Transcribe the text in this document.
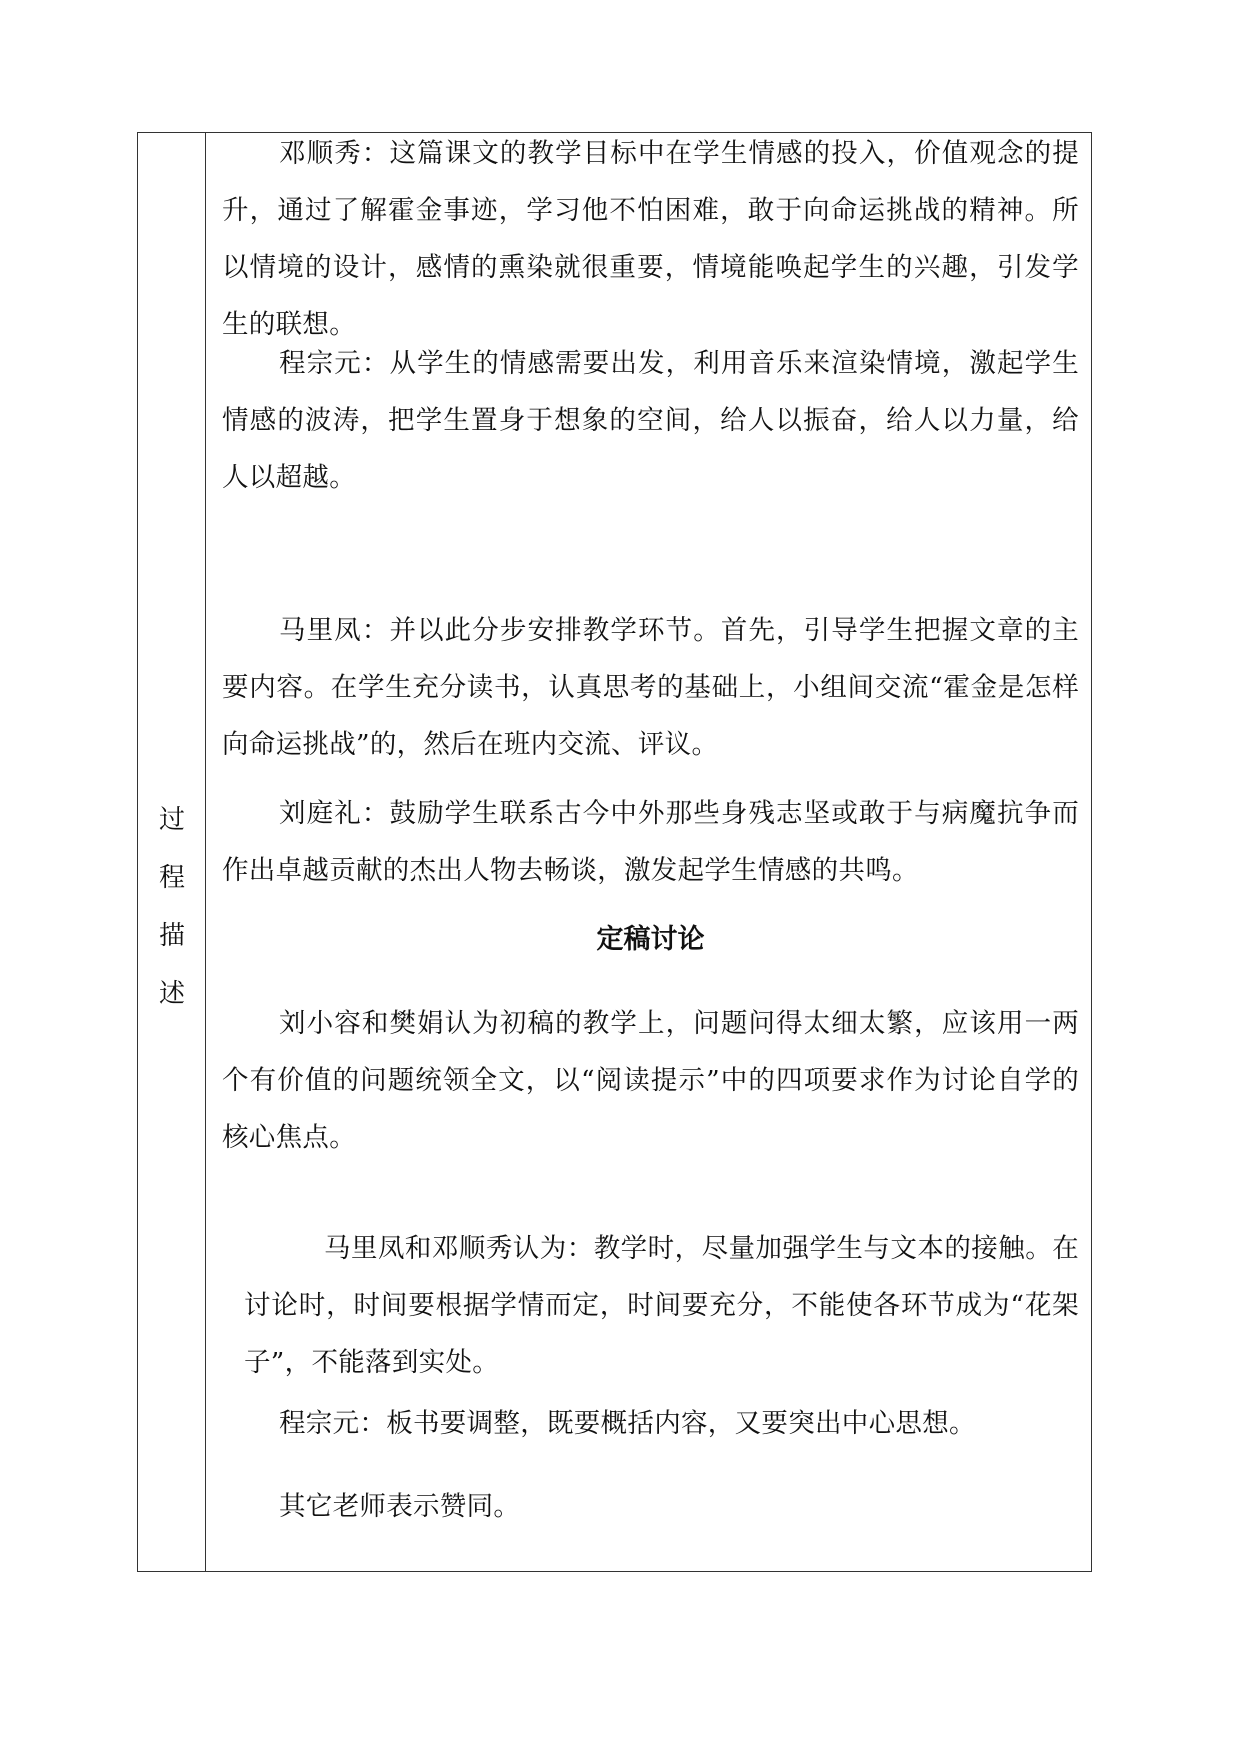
过
程
描
述

邓顺秀：这篇课文的教学目标中在学生情感的投入，价值观念的提升，通过了解霍金事迹，学习他不怕困难，敢于向命运挑战的精神。所以情境的设计，感情的熏染就很重要，情境能唤起学生的兴趣，引发学生的联想。

程宗元：从学生的情感需要出发，利用音乐来渲染情境，激起学生情感的波涛，把学生置身于想象的空间，给人以振奋，给人以力量，给人以超越。

马里凤：并以此分步安排教学环节。首先，引导学生把握文章的主要内容。在学生充分读书，认真思考的基础上，小组间交流“霍金是怎样向命运挑战”的，然后在班内交流、评议。

刘庭礼：鼓励学生联系古今中外那些身残志坚或敢于与病魔抗争而作出卓越贡献的杰出人物去畅谈，激发起学生情感的共鸣。

定稿讨论

刘小容和樊娟认为初稿的教学上，问题问得太细太繁，应该用一两个有价值的问题统领全文，以“阅读提示”中的四项要求作为讨论自学的核心焦点。

马里凤和邓顺秀认为：教学时，尽量加强学生与文本的接触。在讨论时，时间要根据学情而定，时间要充分，不能使各环节成为“花架子”，不能落到实处。

程宗元：板书要调整，既要概括内容，又要突出中心思想。

其它老师表示赞同。
